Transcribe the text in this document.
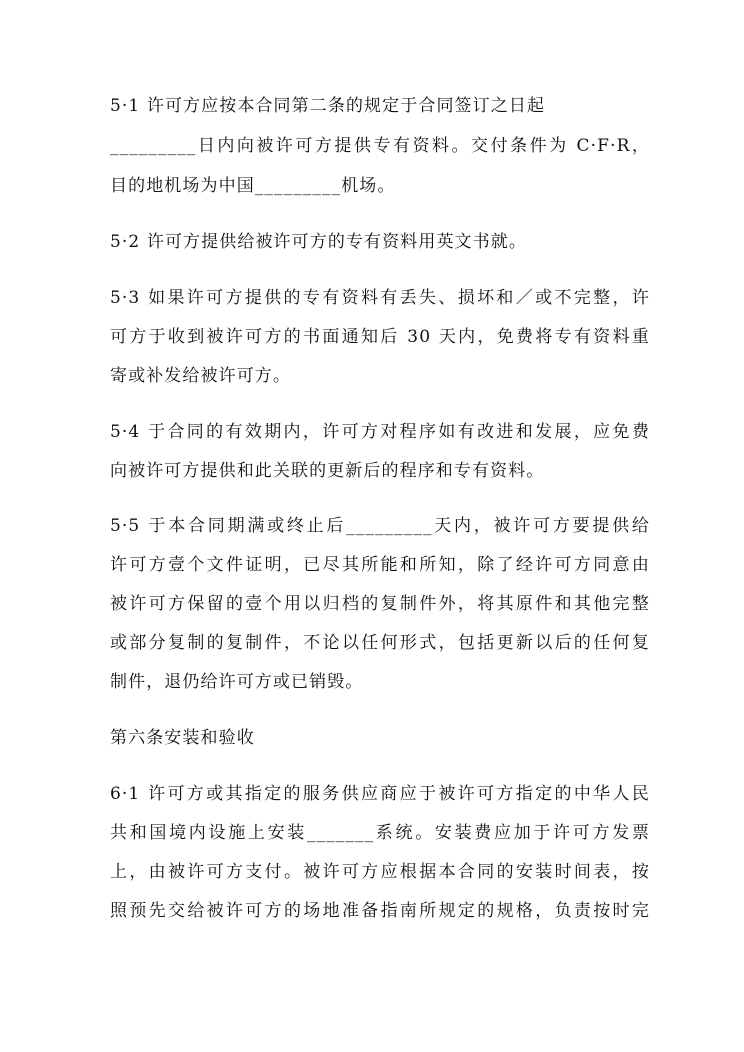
5·1 许可方应按本合同第二条的规定于合同签订之日起
_________日内向被许可方提供专有资料。交付条件为 C·F·R，
目的地机场为中国_________机场。
5·2 许可方提供给被许可方的专有资料用英文书就。
5·3 如果许可方提供的专有资料有丢失、损坏和／或不完整，许
可方于收到被许可方的书面通知后 30 天内，免费将专有资料重
寄或补发给被许可方。
5·4 于合同的有效期内，许可方对程序如有改进和发展，应免费
向被许可方提供和此关联的更新后的程序和专有资料。
5·5 于本合同期满或终止后_________天内，被许可方要提供给
许可方壹个文件证明，已尽其所能和所知，除了经许可方同意由
被许可方保留的壹个用以归档的复制件外，将其原件和其他完整
或部分复制的复制件，不论以任何形式，包括更新以后的任何复
制件，退仍给许可方或已销毁。
第六条安装和验收
6·1 许可方或其指定的服务供应商应于被许可方指定的中华人民
共和国境内设施上安装_______系统。安装费应加于许可方发票
上，由被许可方支付。被许可方应根据本合同的安装时间表，按
照预先交给被许可方的场地准备指南所规定的规格，负责按时完
